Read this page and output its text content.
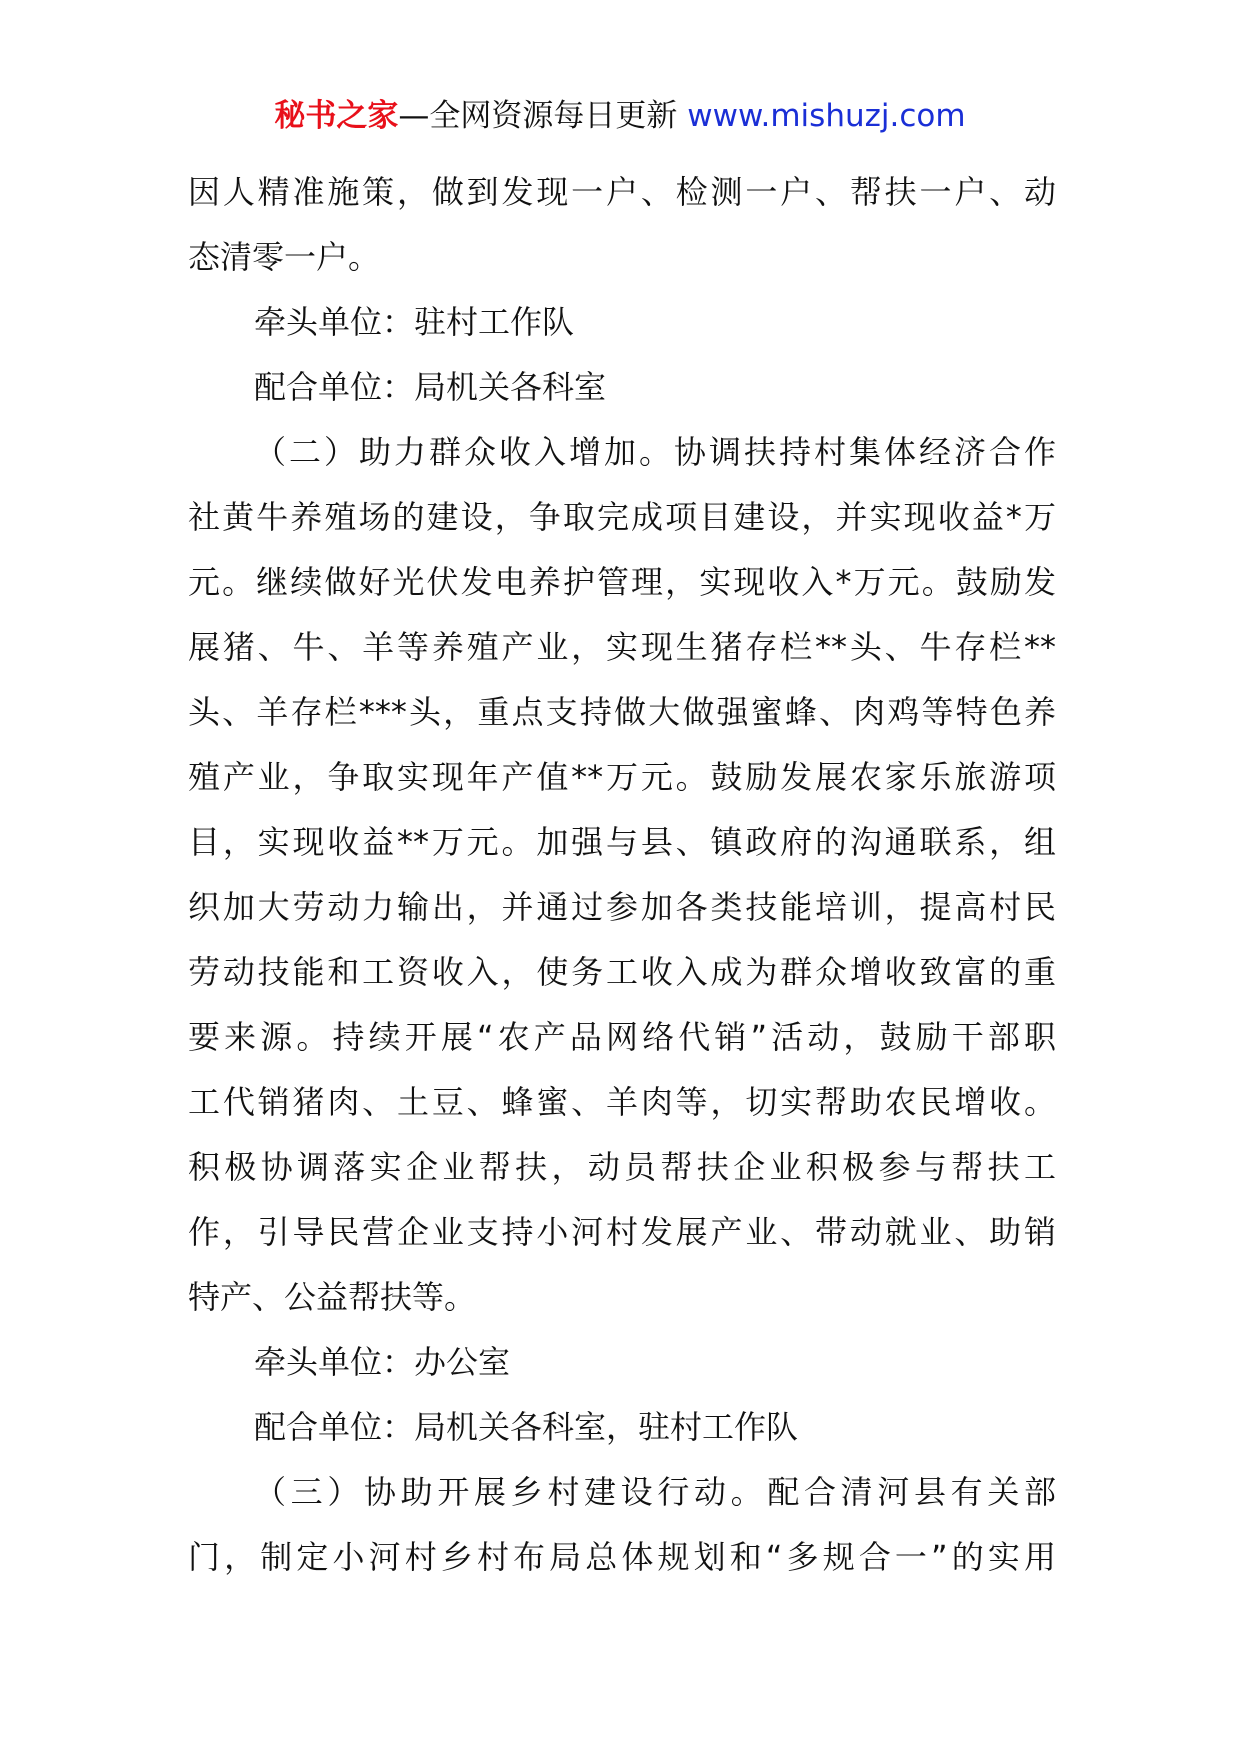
秘书之家—全网资源每日更新 www.mishuzj.com
因人精准施策，做到发现一户、检测一户、帮扶一户、动
态清零一户。
牵头单位：驻村工作队
配合单位：局机关各科室
（二）助力群众收入增加。协调扶持村集体经济合作
社黄牛养殖场的建设，争取完成项目建设，并实现收益*万
元。继续做好光伏发电养护管理，实现收入*万元。鼓励发
展猪、牛、羊等养殖产业，实现生猪存栏**头、牛存栏**
头、羊存栏***头，重点支持做大做强蜜蜂、肉鸡等特色养
殖产业，争取实现年产值**万元。鼓励发展农家乐旅游项
目，实现收益**万元。加强与县、镇政府的沟通联系，组
织加大劳动力输出，并通过参加各类技能培训，提高村民
劳动技能和工资收入，使务工收入成为群众增收致富的重
要来源。持续开展“农产品网络代销”活动，鼓励干部职
工代销猪肉、土豆、蜂蜜、羊肉等，切实帮助农民增收。
积极协调落实企业帮扶，动员帮扶企业积极参与帮扶工
作，引导民营企业支持小河村发展产业、带动就业、助销
特产、公益帮扶等。
牵头单位：办公室
配合单位：局机关各科室，驻村工作队
（三）协助开展乡村建设行动。配合清河县有关部
门，制定小河村乡村布局总体规划和“多规合一”的实用
